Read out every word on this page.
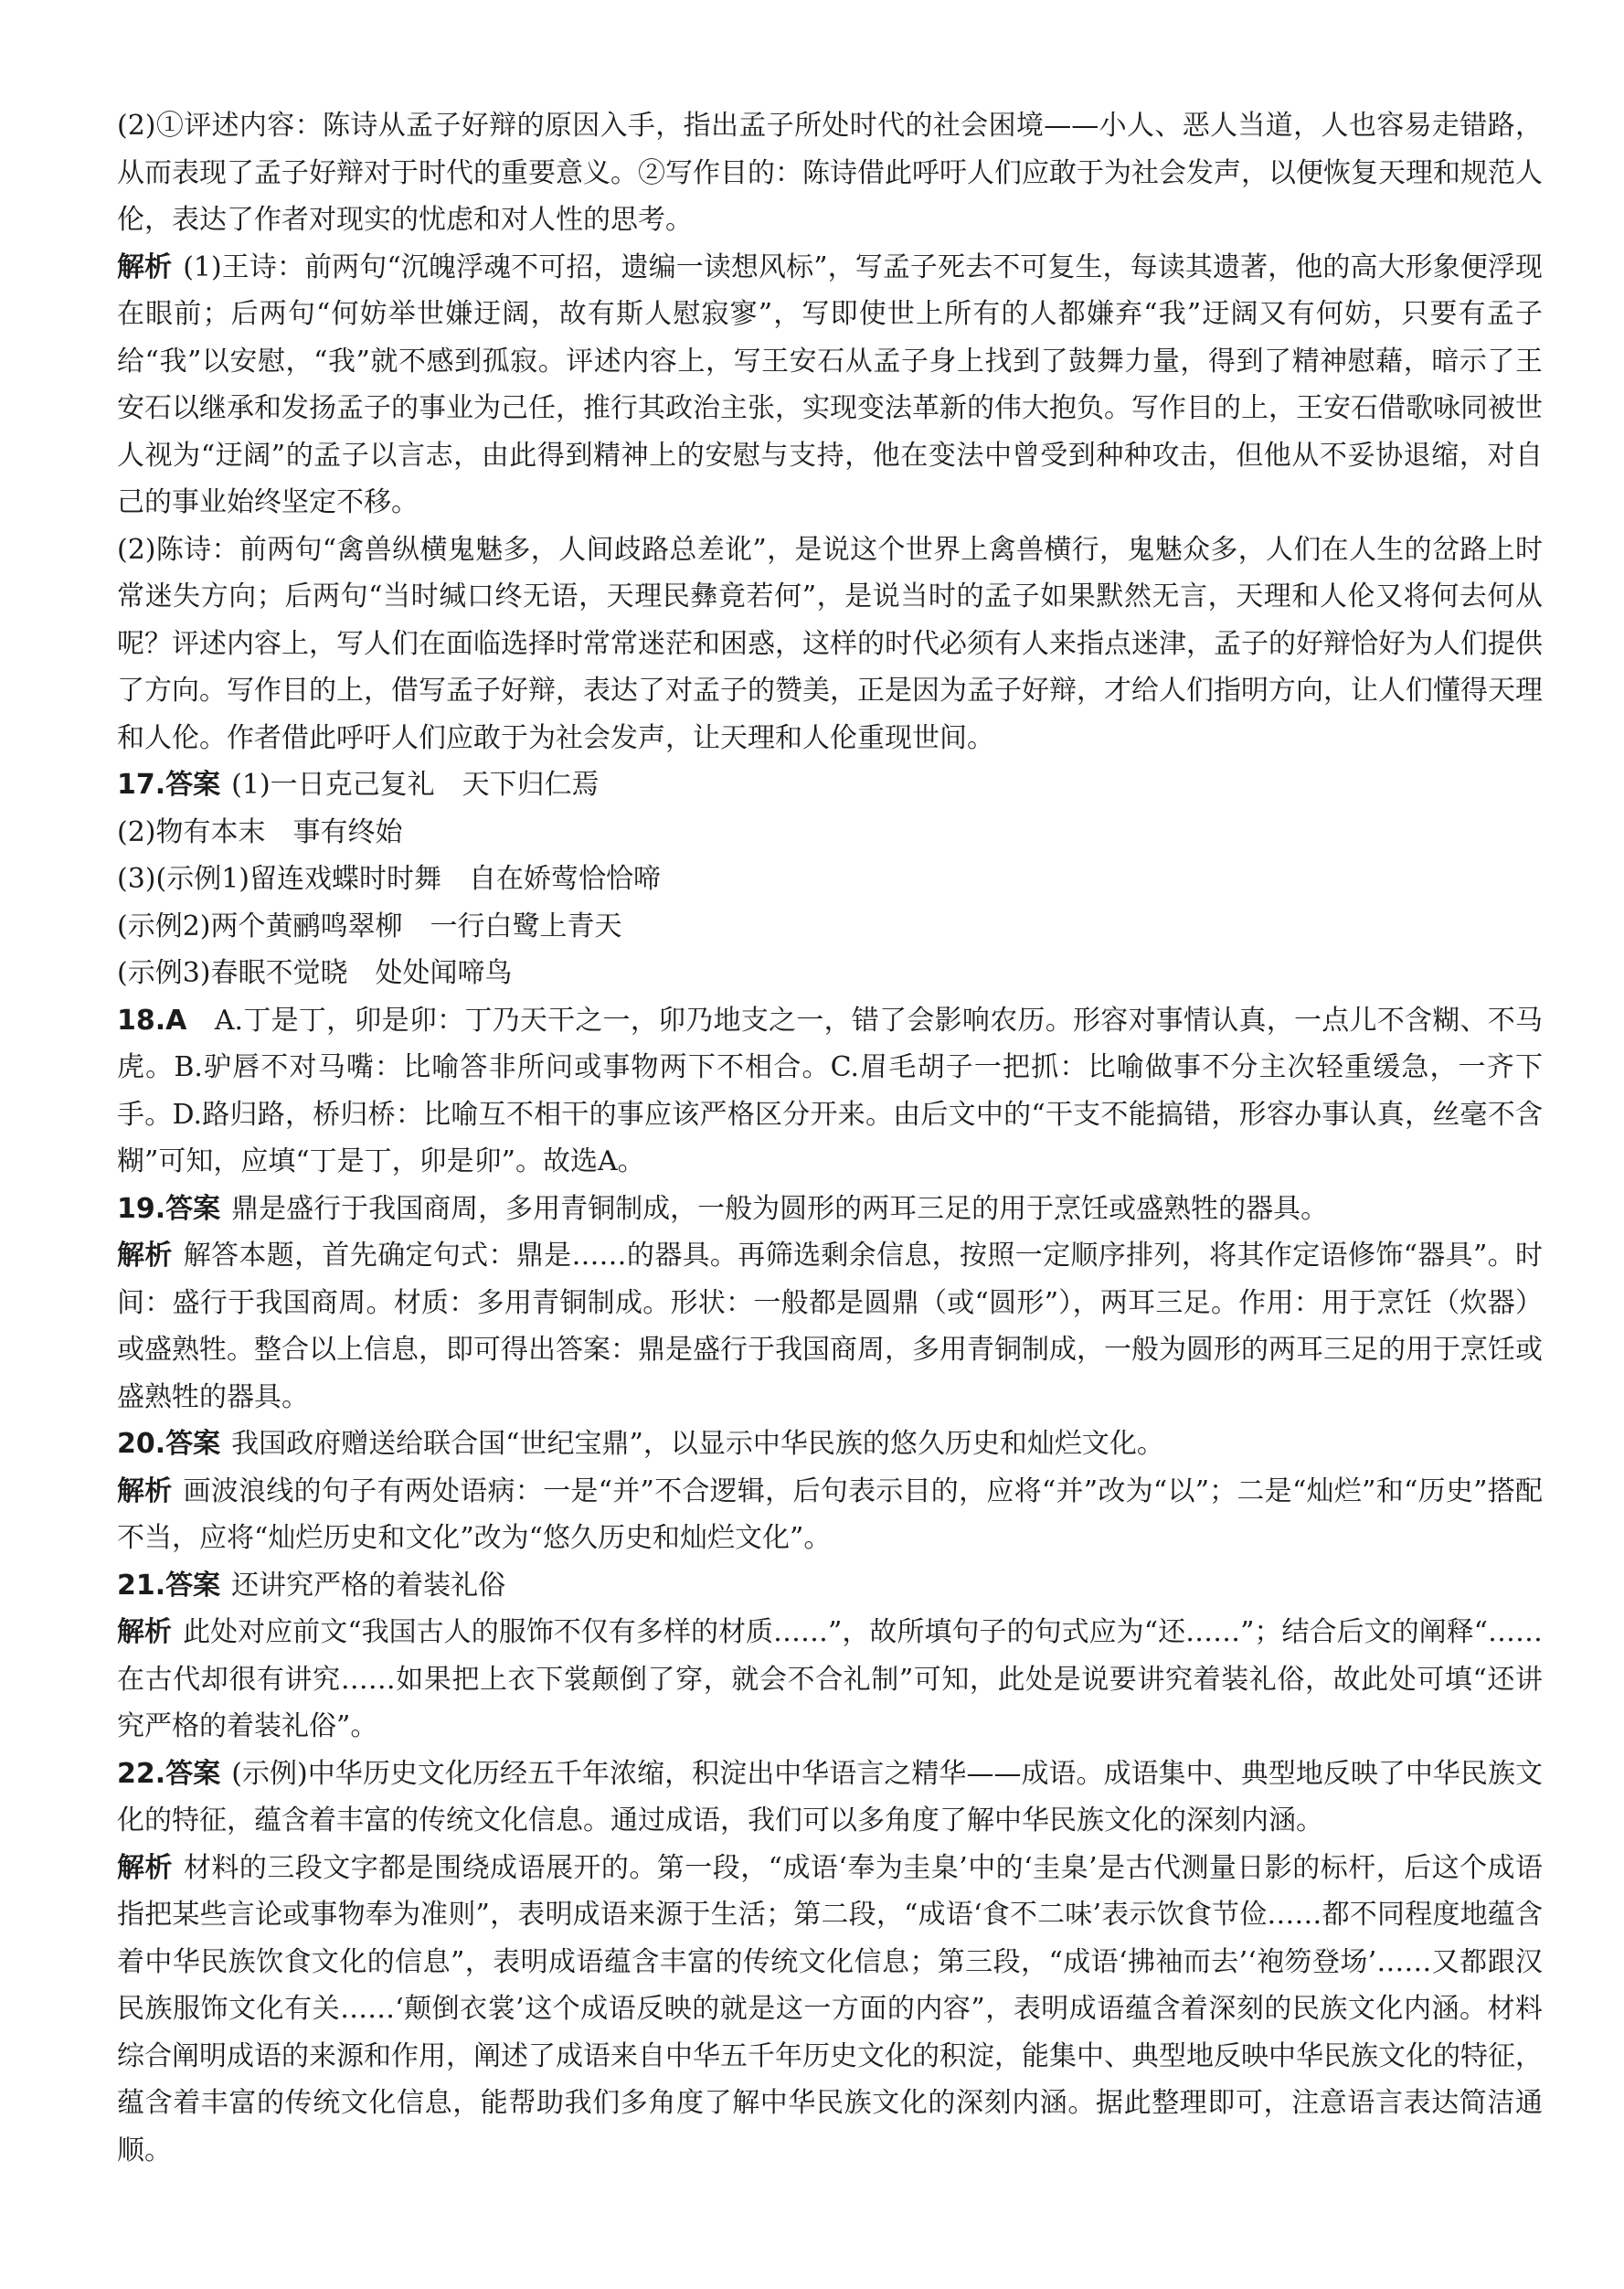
(2)①评述内容：陈诗从孟子好辩的原因入手，指出孟子所处时代的社会困境——小人、恶人当道，人也容易走错路，从而表现了孟子好辩对于时代的重要意义。②写作目的：陈诗借此呼吁人们应敢于为社会发声，以便恢复天理和规范人伦，表达了作者对现实的忧虑和对人性的思考。

解析 (1)王诗：前两句“沉魄浮魂不可招，遗编一读想风标”，写孟子死去不可复生，每读其遗著，他的高大形象便浮现在眼前；后两句“何妨举世嫌迂阔，故有斯人慰寂寥”，写即使世上所有的人都嫌弃“我”迂阔又有何妨，只要有孟子给“我”以安慰，“我”就不感到孤寂。评述内容上，写王安石从孟子身上找到了鼓舞力量，得到了精神慰藉，暗示了王安石以继承和发扬孟子的事业为己任，推行其政治主张，实现变法革新的伟大抱负。写作目的上，王安石借歌咏同被世人视为“迂阔”的孟子以言志，由此得到精神上的安慰与支持，他在变法中曾受到种种攻击，但他从不妥协退缩，对自己的事业始终坚定不移。

(2)陈诗：前两句“禽兽纵横鬼魅多，人间歧路总差讹”，是说这个世界上禽兽横行，鬼魅众多，人们在人生的岔路上时常迷失方向；后两句“当时缄口终无语，天理民彝竟若何”，是说当时的孟子如果默然无言，天理和人伦又将何去何从呢？评述内容上，写人们在面临选择时常常迷茫和困惑，这样的时代必须有人来指点迷津，孟子的好辩恰好为人们提供了方向。写作目的上，借写孟子好辩，表达了对孟子的赞美，正是因为孟子好辩，才给人们指明方向，让人们懂得天理和人伦。作者借此呼吁人们应敢于为社会发声，让天理和人伦重现世间。

17.答案 (1)一日克己复礼　天下归仁焉
(2)物有本末　事有终始
(3)(示例1)留连戏蝶时时舞　自在娇莺恰恰啼
(示例2)两个黄鹂鸣翠柳　一行白鹭上青天
(示例3)春眠不觉晓　处处闻啼鸟

18.A　 A.丁是丁，卯是卯：丁乃天干之一，卯乃地支之一，错了会影响农历。形容对事情认真，一点儿不含糊、不马虎。B.驴唇不对马嘴：比喻答非所问或事物两下不相合。C.眉毛胡子一把抓：比喻做事不分主次轻重缓急，一齐下手。D.路归路，桥归桥：比喻互不相干的事应该严格区分开来。由后文中的“干支不能搞错，形容办事认真，丝毫不含糊”可知，应填“丁是丁，卯是卯”。故选A。

19.答案 鼎是盛行于我国商周，多用青铜制成，一般为圆形的两耳三足的用于烹饪或盛熟牲的器具。

解析 解答本题，首先确定句式：鼎是……的器具。再筛选剩余信息，按照一定顺序排列，将其作定语修饰“器具”。时间：盛行于我国商周。材质：多用青铜制成。形状：一般都是圆鼎（或“圆形”），两耳三足。作用：用于烹饪（炊器）或盛熟牲。整合以上信息，即可得出答案：鼎是盛行于我国商周，多用青铜制成，一般为圆形的两耳三足的用于烹饪或盛熟牲的器具。

20.答案 我国政府赠送给联合国“世纪宝鼎”，以显示中华民族的悠久历史和灿烂文化。

解析 画波浪线的句子有两处语病：一是“并”不合逻辑，后句表示目的，应将“并”改为“以”；二是“灿烂”和“历史”搭配不当，应将“灿烂历史和文化”改为“悠久历史和灿烂文化”。

21.答案 还讲究严格的着装礼俗

解析 此处对应前文“我国古人的服饰不仅有多样的材质……”，故所填句子的句式应为“还……”；结合后文的阐释“……在古代却很有讲究……如果把上衣下裳颠倒了穿，就会不合礼制”可知，此处是说要讲究着装礼俗，故此处可填“还讲究严格的着装礼俗”。

22.答案 (示例)中华历史文化历经五千年浓缩，积淀出中华语言之精华——成语。成语集中、典型地反映了中华民族文化的特征，蕴含着丰富的传统文化信息。通过成语，我们可以多角度了解中华民族文化的深刻内涵。

解析 材料的三段文字都是围绕成语展开的。第一段，“成语‘奉为圭臬’中的‘圭臬’是古代测量日影的标杆，后这个成语指把某些言论或事物奉为准则”，表明成语来源于生活；第二段，“成语‘食不二味’表示饮食节俭……都不同程度地蕴含着中华民族饮食文化的信息”，表明成语蕴含丰富的传统文化信息；第三段，“成语‘拂袖而去’‘袍笏登场’……又都跟汉民族服饰文化有关……‘颠倒衣裳’这个成语反映的就是这一方面的内容”，表明成语蕴含着深刻的民族文化内涵。材料综合阐明成语的来源和作用，阐述了成语来自中华五千年历史文化的积淀，能集中、典型地反映中华民族文化的特征，蕴含着丰富的传统文化信息，能帮助我们多角度了解中华民族文化的深刻内涵。据此整理即可，注意语言表达简洁通顺。
